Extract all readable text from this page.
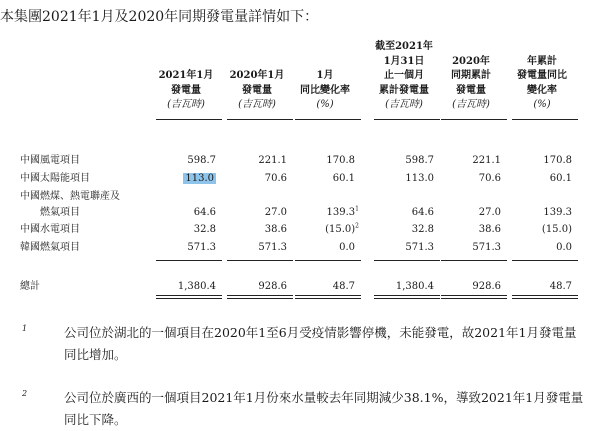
本集團2021年1月及2020年同期發電量詳情如下：

2021年1月
發電量
(吉瓦時)

2020年1月
發電量
(吉瓦時)

1月
同比變化率
(%)
截至2021年
1月31日
止一個月
累計發電量
(吉瓦時)

2020年
同期累計
發電量
(吉瓦時)

年累計
發電量同比
變化率
(%)
中國風電項目	598.7	221.1	170.8	598.7	221.1	170.8
中國太陽能項目	113.0	70.6	60.1	113.0	70.6	60.1
中國燃煤、熱電聯產及
燃氣項目	64.6	27.0	139.3$^1$	64.6	27.0	139.3
中國水電項目	32.8	38.6	$(15.0)^2$	32.8	38.6	(15.0)
韓國燃氣項目	571.3	571.3	0.0	571.3	571.3	0.0
總計	1,380.4	928.6	48.7	1,380.4	928.6	48.7
1	公司位於湖北的一個項目在2020年1至6月受疫情影響停機，未能發電，故2021年1月發電量同比增加。
2	公司位於廣西的一個項目2021年1月份來水量較去年同期減少38.1%，導致2021年1月發電量同比下降。
